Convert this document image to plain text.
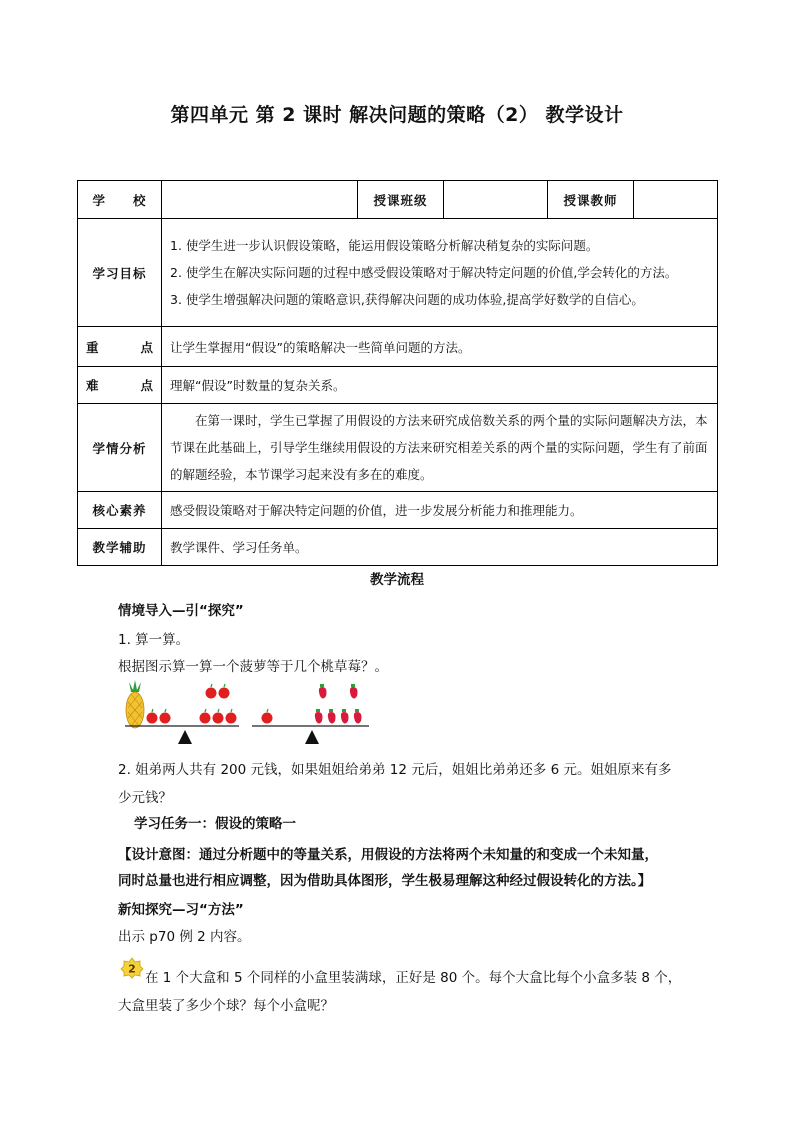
第四单元 第 2 课时 解决问题的策略（2） 教学设计
学　　校		授课班级		授课教师	
学习目标	1. 使学生进一步认识假设策略，能运用假设策略分析解决稍复杂的实际问题。
2. 使学生在解决实际问题的过程中感受假设策略对于解决特定问题的价值,学会转化的方法。
3. 使学生增强解决问题的策略意识,获得解决问题的成功体验,提高学好数学的自信心。				

重　　点	让学生掌握用“假设”的策略解决一些简单问题的方法。				
难　　点	理解“假设”时数量的复杂关系。				
学情分析	在第一课时，学生已掌握了用假设的方法来研究成倍数关系的两个量的实际问题解决方法，本节课在此基础上，引导学生继续用假设的方法来研究相差关系的两个量的实际问题，学生有了前面的解题经验，本节课学习起来没有多在的难度。				
核心素养	感受假设策略对于解决特定问题的价值，进一步发展分析能力和推理能力。				
教学辅助	教学课件、学习任务单。				
教学流程
情境导入—引“探究”
1. 算一算。
根据图示算一算一个菠萝等于几个桃草莓？。
2. 姐弟两人共有 200 元钱，如果姐姐给弟弟 12 元后，姐姐比弟弟还多 6 元。姐姐原来有多
少元钱？
学习任务一：假设的策略一
【设计意图：通过分析题中的等量关系，用假设的方法将两个未知量的和变成一个未知量，
同时总量也进行相应调整，因为借助具体图形，学生极易理解这种经过假设转化的方法。】
新知探究—习“方法”
出示 p70 例 2 内容。
2
在 1 个大盒和 5 个同样的小盒里装满球，正好是 80 个。每个大盒比每个小盒多装 8 个，
大盒里装了多少个球？每个小盒呢？
